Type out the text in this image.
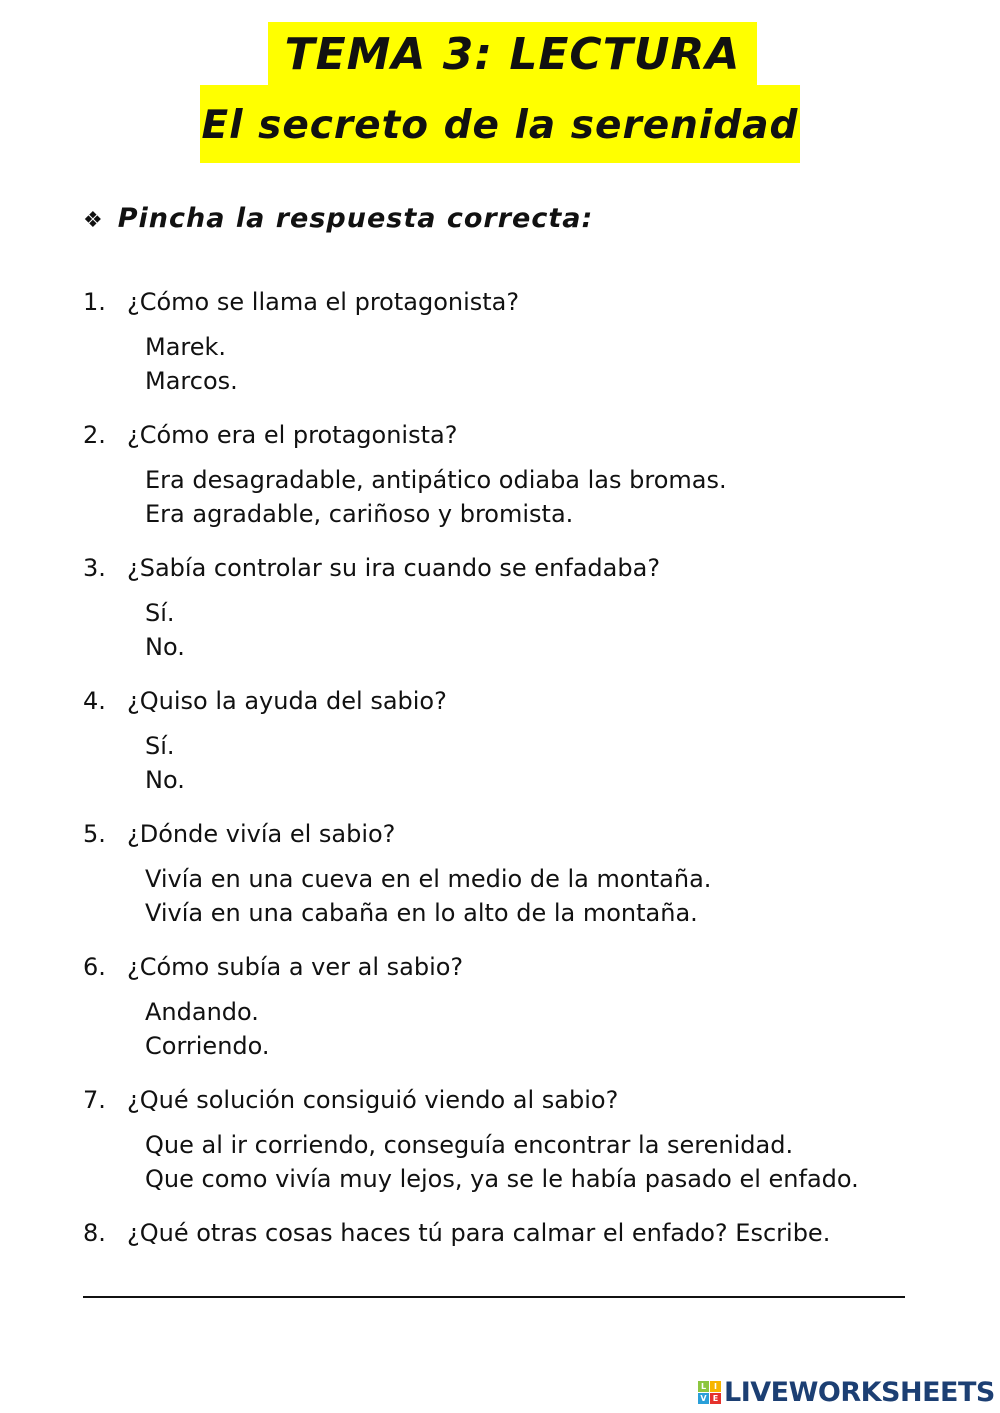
TEMA 3: LECTURA
El secreto de la serenidad
❖ Pincha la respuesta correcta:
1. ¿Cómo se llama el protagonista?
Marek.
Marcos.
2. ¿Cómo era el protagonista?
Era desagradable, antipático odiaba las bromas.
Era agradable, cariñoso y bromista.
3. ¿Sabía controlar su ira cuando se enfadaba?
Sí.
No.
4. ¿Quiso la ayuda del sabio?
Sí.
No.
5. ¿Dónde vivía el sabio?
Vivía en una cueva en el medio de la montaña.
Vivía en una cabaña en lo alto de la montaña.
6. ¿Cómo subía a ver al sabio?
Andando.
Corriendo.
7. ¿Qué solución consiguió viendo al sabio?
Que al ir corriendo, conseguía encontrar la serenidad.
Que como vivía muy lejos, ya se le había pasado el enfado.
8. ¿Qué otras cosas haces tú para calmar el enfado? Escribe.
L I
V E LIVEWORKSHEETS
